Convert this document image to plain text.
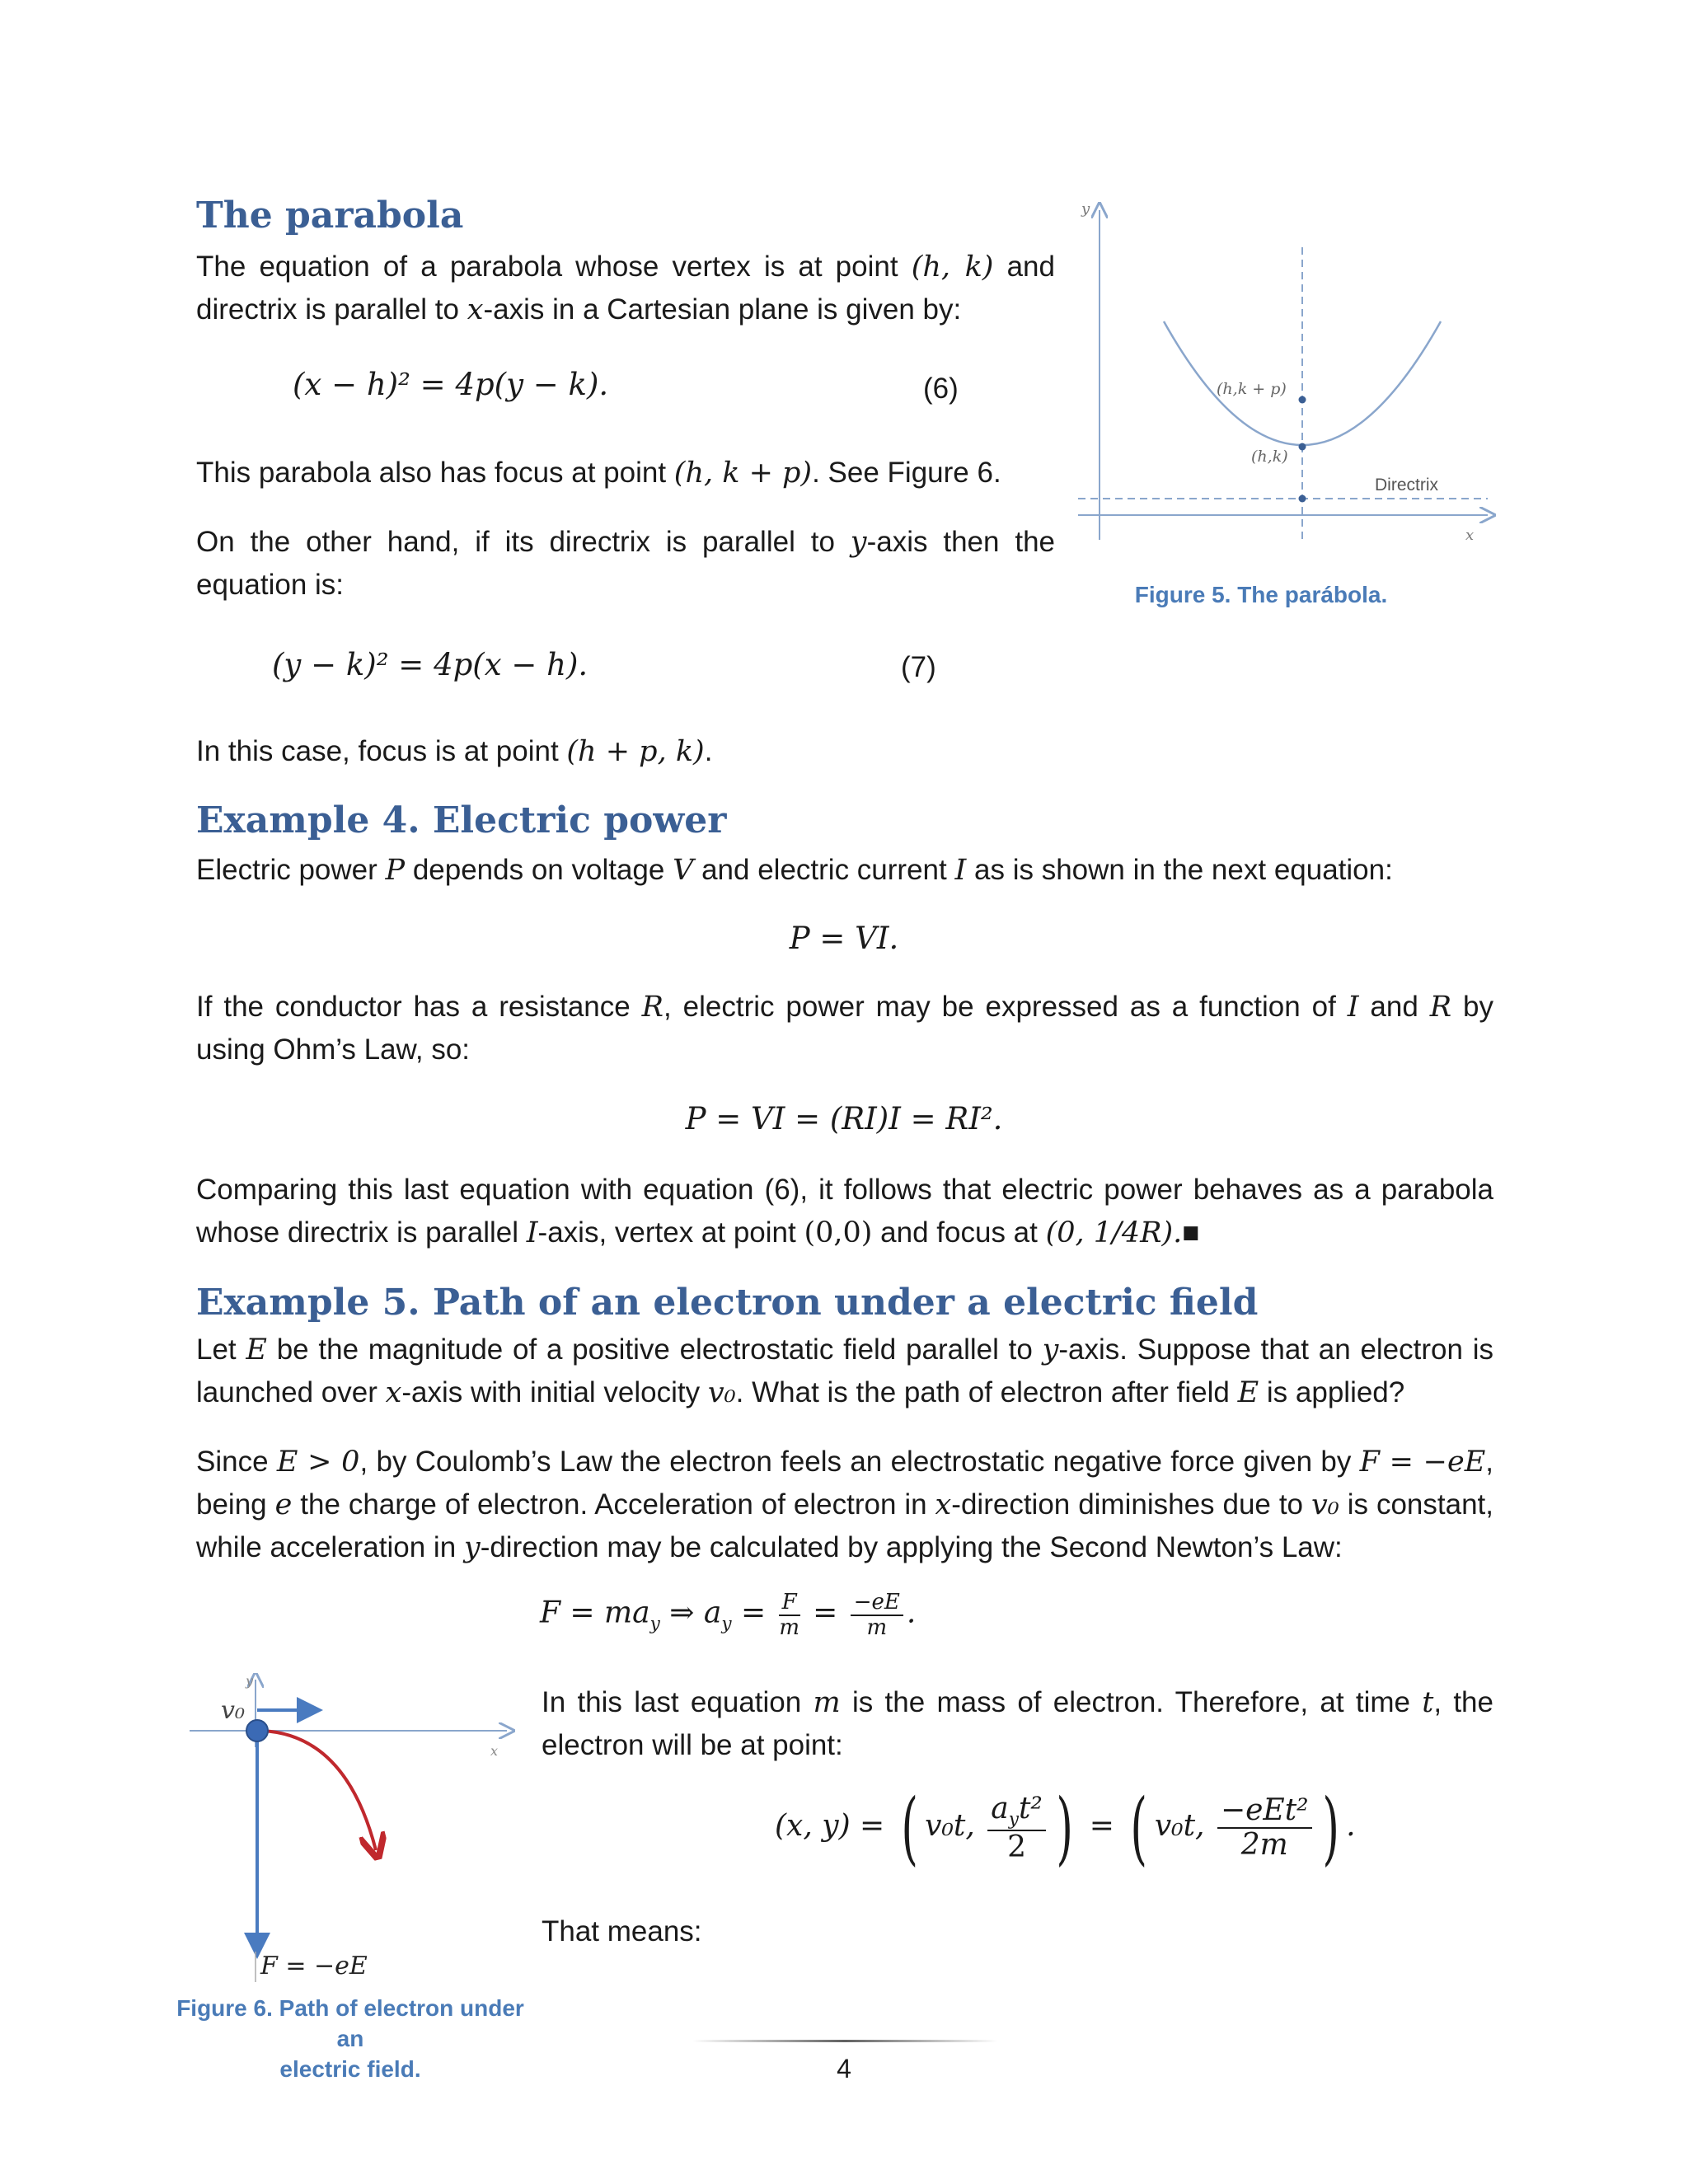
The parabola

The equation of a parabola whose vertex is at point (h, k) and directrix is parallel to x-axis in a Cartesian plane is given by:

(x − h)² = 4p(y − k).	(6)

This parabola also has focus at point (h, k + p). See Figure 6.

On the other hand, if its directrix is parallel to y-axis then the equation is:

(y − k)² = 4p(x − h).	(7)

In this case, focus is at point (h + p, k).

y
x
(h,k + p)
(h,k)
Directrix
Figure 5. The parábola.
Example 4. Electric power

Electric power P depends on voltage V and electric current I as is shown in the next equation:

P = VI.

If the conductor has a resistance R, electric power may be expressed as a function of I and R by using Ohm’s Law, so:

P = VI = (RI)I = RI².

Comparing this last equation with equation (6), it follows that electric power behaves as a parabola whose directrix is parallel I-axis, vertex at point (0,0) and focus at (0, 1/4R).■

Example 5. Path of an electron under a electric field

Let E be the magnitude of a positive electrostatic field parallel to y-axis. Suppose that an electron is launched over x-axis with initial velocity v₀. What is the path of electron after field E is applied?

Since E > 0, by Coulomb’s Law the electron feels an electrostatic negative force given by F = −eE, being e the charge of electron. Acceleration of electron in x-direction diminishes due to v₀ is constant, while acceleration in y-direction may be calculated by applying the Second Newton’s Law:

$F = ma_y$ ⇒ $a_y = \frac{F}{m} = \frac{-eE}{m}$ .

In this last equation m is the mass of electron. Therefore, at time t, the electron will be at point:

(x, y) = ( v₀t, $\frac{a_yt^2}{2}$ ) = ( v₀t, $\frac{\text{−eEt²}}{2m}$ ) .

That means:

v₀
y
x
F = −eE
Figure 6. Path of electron under an
electric field.	4
